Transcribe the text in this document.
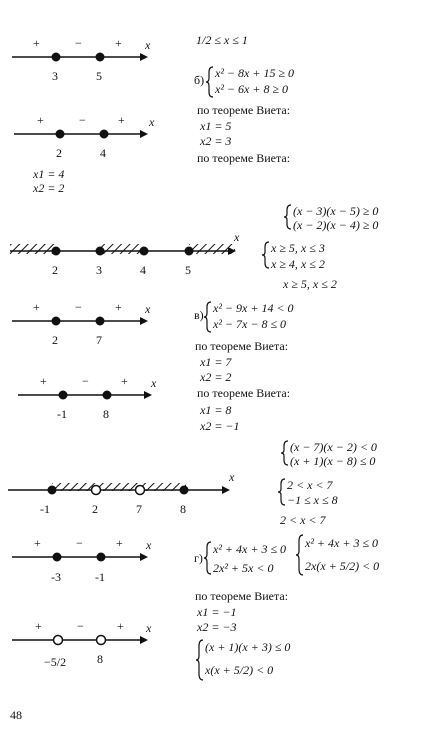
+	−	+ x
3	5
+	−	+ x
2	4
x1 = 4
x2 = 2
x
2	3	4	5
+	−	+ x
2	7
+	−	+ x
-1	8
x
-1	2	7	8
+	−	+ x
-3	-1
+	−	+ x
−5/2	8
1/2 ≤ x ≤ 1
б) x² − 8x + 15 ≥ 0
x² − 6x + 8 ≥ 0
по теореме Виета:
x1 = 5
x2 = 3
по теореме Виета:
(x − 3)(x − 5) ≥ 0
(x − 2)(x − 4) ≥ 0
x ≥ 5, x ≤ 3
x ≥ 4, x ≤ 2
x ≥ 5, x ≤ 2
в) x² − 9x + 14 < 0
x² − 7x − 8 ≤ 0
по теореме Виета:
x1 = 7
x2 = 2
по теореме Виета:
x1 = 8
x2 = −1
(x − 7)(x − 2) < 0
(x + 1)(x − 8) ≤ 0
2 < x < 7
−1 ≤ x ≤ 8
2 < x < 7
г)
x² + 4x + 3 ≤ 0
2x² + 5x < 0
x² + 4x + 3 ≤ 0
2x(x + 5/2) < 0
по теореме Виета:
x1 = −1
x2 = −3
(x + 1)(x + 3) ≤ 0
x(x + 5/2) < 0
48
